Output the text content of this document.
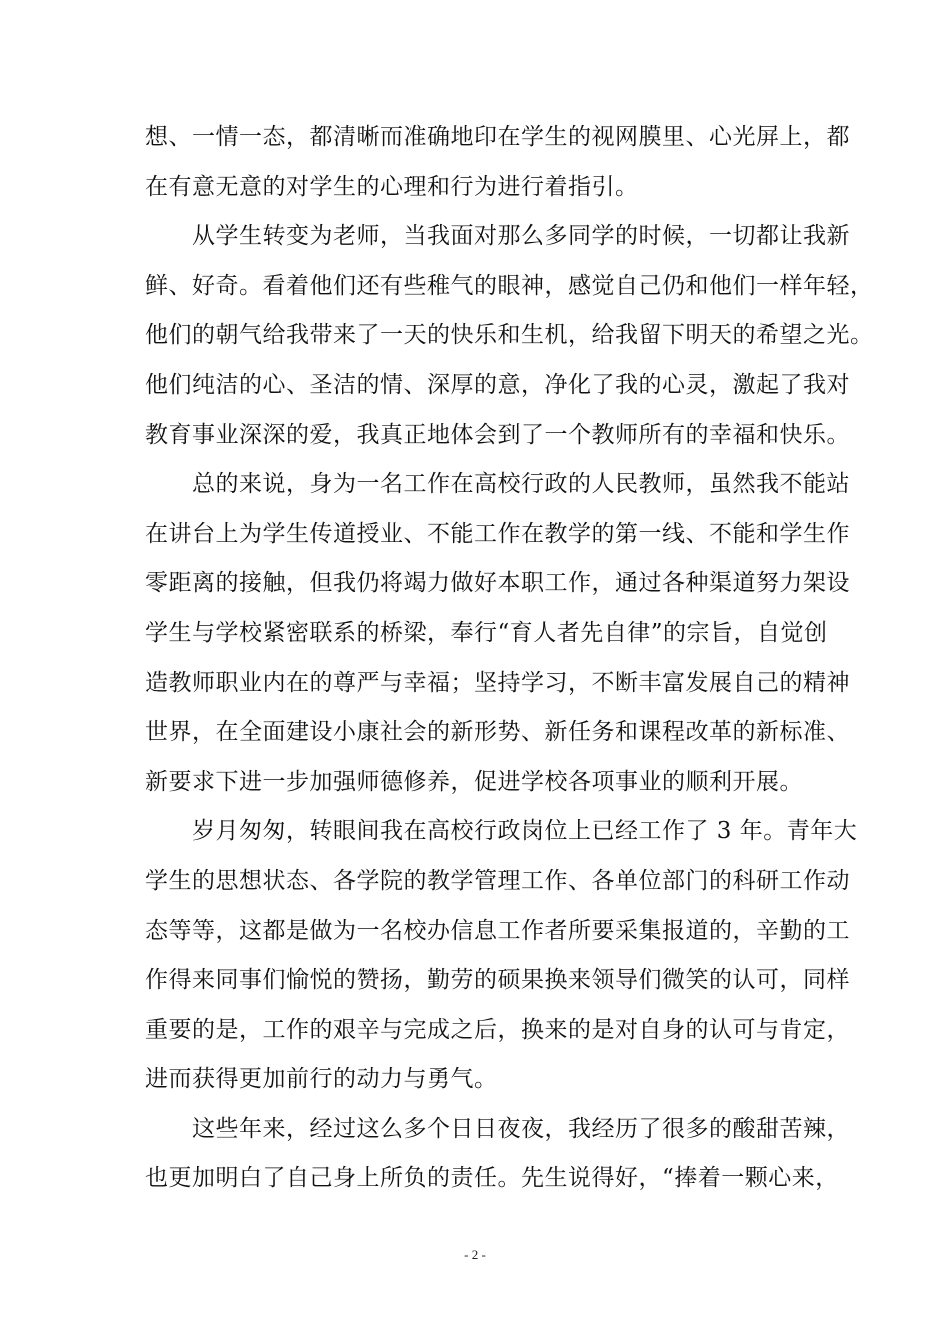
想、一情一态，都清晰而准确地印在学生的视网膜里、心光屏上，都
在有意无意的对学生的心理和行为进行着指引。
从学生转变为老师，当我面对那么多同学的时候，一切都让我新
鲜、好奇。看着他们还有些稚气的眼神，感觉自己仍和他们一样年轻，
他们的朝气给我带来了一天的快乐和生机，给我留下明天的希望之光。
他们纯洁的心、圣洁的情、深厚的意，净化了我的心灵，激起了我对
教育事业深深的爱，我真正地体会到了一个教师所有的幸福和快乐。
总的来说，身为一名工作在高校行政的人民教师，虽然我不能站
在讲台上为学生传道授业、不能工作在教学的第一线、不能和学生作
零距离的接触，但我仍将竭力做好本职工作，通过各种渠道努力架设
学生与学校紧密联系的桥梁，奉行“育人者先自律”的宗旨，自觉创
造教师职业内在的尊严与幸福；坚持学习，不断丰富发展自己的精神
世界，在全面建设小康社会的新形势、新任务和课程改革的新标准、
新要求下进一步加强师德修养，促进学校各项事业的顺利开展。
岁月匆匆，转眼间我在高校行政岗位上已经工作了 3 年。青年大
学生的思想状态、各学院的教学管理工作、各单位部门的科研工作动
态等等，这都是做为一名校办信息工作者所要采集报道的，辛勤的工
作得来同事们愉悦的赞扬，勤劳的硕果换来领导们微笑的认可，同样
重要的是，工作的艰辛与完成之后，换来的是对自身的认可与肯定，
进而获得更加前行的动力与勇气。
这些年来，经过这么多个日日夜夜，我经历了很多的酸甜苦辣，
也更加明白了自己身上所负的责任。先生说得好，“捧着一颗心来，
- 2 -
